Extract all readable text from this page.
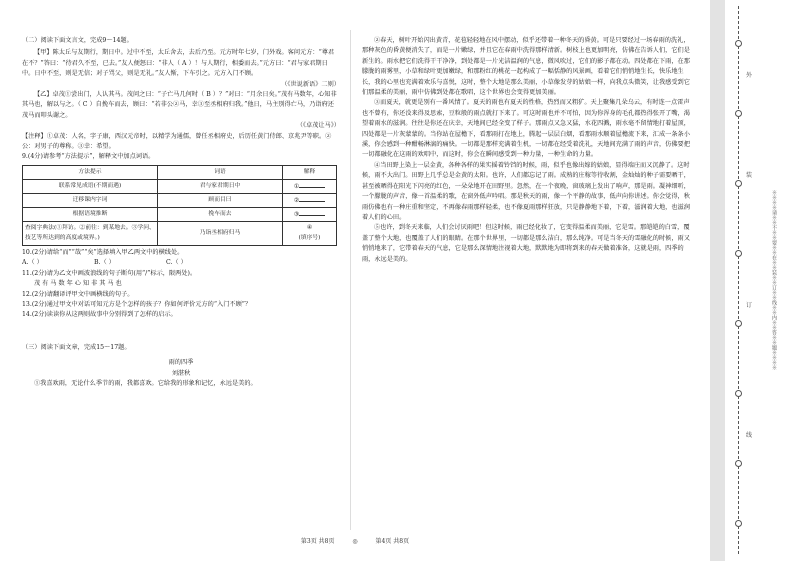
（二）阅读下面文言文，完成9～14题。

【甲】陈太丘与友期行，期日中。过中不至，太丘舍去，去后乃至。元方时年七岁，门外戏。客问元方：“尊君在不？”答曰：“待君久不至，已去。”友人便怒曰：“非人（ A ）！与人期行，相委而去。”元方曰：“君与家君期日中。日中不至，则是无信；对子骂父，则是无礼。”友人惭，下车引之。元方入门不顾。

（《世说新语》二则）

【乙】卓茂①尝出门，人认其马。茂问之曰：“子亡马几何时（ B ）？”对曰：“月余日矣。”茂有马数年，心知非其马也，解以与之。（ C ）自挽车而去，顾曰：“若非公②马，幸③至丞相府归我。”他日，马主别得亡马，乃诣府还茂马而叩头谢之。

（《卓茂让马》）

【注释】①卓茂：人名，字子康，西汉元帝时，以精学为通儒，曾任丞相府史，后历任黄门侍郎、京兆尹等职。②公：对男子的尊称。③幸：希望。

9.(4分)请参考“方法提示”，解释文中加点词语。

方法提示	词语	解释
联系常见成语(不期而遇)	君与家君期日中	①
迁移课内字词	顾而目曰	②
根据语境推断	挽车而去	③
查阅字典法(①拜访。②前往：到某地去。③学问、技艺等所达到的高度或境界。)	乃诣丞相府归马	④
(填序号)

10.(2分)请给“而”“哉”“矣”选择填入甲乙两文中的横线处。

A.（ ）	B.（ ）	C.（ ）

11.(2分)请为乙文中画波浪线的句子断句(用“/”标示，限两处)。

茂 有 马 数 年 心 知 非 其 马 也

12.(2分)请翻译评甲文中画横线的句子。

13.(2分)通过甲文中对话可知元方是个怎样的孩子？你如何评价元方的“入门不顾”？

14.(2分)读读你从这两则故事中分别得到了怎样的启示。

（三）阅读下面文章，完成15～17题。

雨的四季

刘湛秋

①我喜欢雨，无论什么季节的雨，我都喜欢。它给我的形象和记忆，永远是美的。

②春天，树叶开始闪出黄青，花苞轻轻地在风中摆动，似乎还带着一种冬天的昏黄。可是只要经过一场春雨的洗礼，那种灰色的昏黄便消失了，而是一片嫩绿，并且它在春雨中洗得那样清新。树枝上也更加明亮，仿佛在告诉人们，它们是新生的。雨水把它们洗得干干净净，到处都是一片光洁温润的气息，微风吹过，它们的影子都在动。四处都在下雨，在那朦胧的雨雾里，小草和绿叶更加嫩绿，和那粉红的桃花一起构成了一幅恬静的风景画，看着它们悄悄地生长，快乐地生长，我的心里也充满着欢乐与喜悦，这时，整个大地是那么美丽，小草像发芽的姑娘一样，向我点头微笑，让我感受到它们那温柔的美丽，雨中仿佛到处都在歌唱，这个世界也会变得更加美丽。

③而夏天，就更是别有一番风情了。夏天的雨也有夏天的性格，热烈而又粗犷。天上聚集几朵乌云，有时连一点雷声也不曾有，你还没来得及思索，豆粒般的雨点就打下来了。可这时雨也并不可怕，因为你浑身的毛孔都热得张开了嘴，渴望着雨水的滋润。往往是你还在庆幸，天地间已经全变了样子。那雨点又急又猛，水花四溅，雨水毫不留情地打着屋顶，四处都是一片灰蒙蒙的。当你站在屋檐下，看那雨打在地上，腾起一层层白烟，看那雨水顺着屋檐流下来，汇成一条条小溪，你会感到一种酣畅淋漓的痛快。一切都是那样充满着生机，一切都在经受着洗礼，天地间充满了雨的声音，仿佛要把一切都融化在这雨的欢唱中，而这时，你会在瞬间感受到一种力量，一种生命的力量。

④当田野上染上一层金黄，各种各样的果实摇着铃铛的时候，雨，似乎也像出嫁的姑娘，显得端庄而又沉静了。这时候，雨不大出门。田野上几乎总是金黄的太阳。也许，人们都忘记了雨。成熟的庄稼等待收割，金灿灿的种子需要晒干，甚至被晒得在阳光下闪亮的红色，一朵朵地开在田野里。忽然，在一个夜晚，窗玻璃上发出了响声，那是雨。凝神细听，一个朦胧的声音，像一首温柔的歌，在窗外低声吟唱。那是秋天的雨，像一个平静的故事，低声向你讲述。你会觉得，秋雨仿佛也有一种庄重和坚定，不再像春雨那样轻柔，也不像夏雨那样狂放，只是静静地下着，下着，滋润着大地，也滋润着人们的心田。

⑤也许，到冬天来临，人们会讨厌雨吧！但这时候，雨已经化妆了，它变得温柔而美丽，它是雪。那皑皑的白雪，覆盖了整个大地，也覆盖了人们的眼睛。在那个世界里，一切都是那么洁白，那么纯净。可是当冬天的雪融化的时候，雨又悄悄地来了，它带着春天的气息，它是那么深情地注视着大地，默默地为即将到来的春天做着准备，这就是雨，四季的雨，永远是美的。

第3页 共8页	◎	第4页 共8页
外
装
订
线
※※※※请※※不※※要※※在※※装※※订※※线※※内※※答※※题※※※※
